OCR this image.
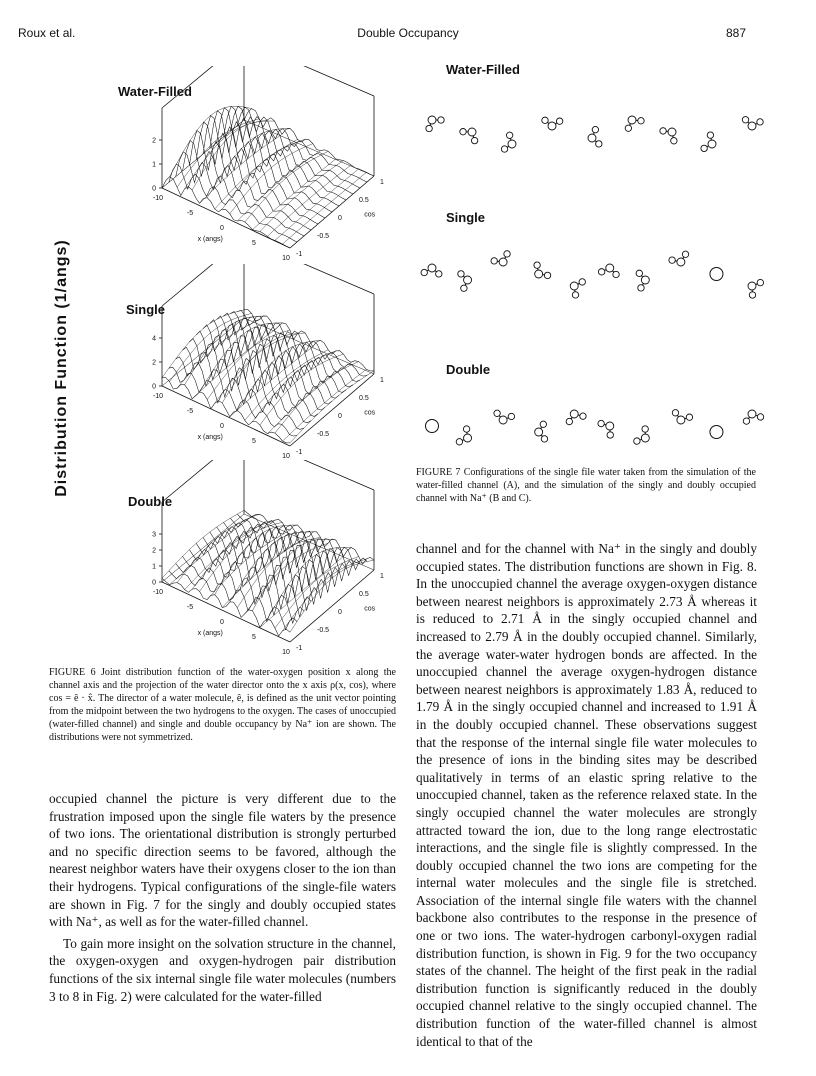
Roux et al.	Double Occupancy	887
Distribution Function (1/angs)
Water-Filled
0
1
2
-10
-5
0
5
10
x (angs)
-1
-0.5
0
0.5
1
cos
Single
0
2
4
-10
-5
0
5
10
x (angs)
-1
-0.5
0
0.5
1
cos
Double
0
1
2
3
-10
-5
0
5
10
x (angs)
-1
-0.5
0
0.5
1
cos
FIGURE 6 Joint distribution function of the water-oxygen position x along the channel axis and the projection of the water director onto the x axis ρ(x, cos), where cos = ê · x̂. The director of a water molecule, ê, is defined as the unit vector pointing from the midpoint between the two hydrogens to the oxygen. The cases of unoccupied (water-filled channel) and single and double occupancy by Na⁺ ion are shown. The distributions were not symmetrized.
Water-Filled
Single
Double
FIGURE 7 Configurations of the single file water taken from the simulation of the water-filled channel (A), and the simulation of the singly and doubly occupied channel with Na⁺ (B and C).
occupied channel the picture is very different due to the frustration imposed upon the single file waters by the presence of two ions. The orientational distribution is strongly perturbed and no specific direction seems to be favored, although the nearest neighbor waters have their oxygens closer to the ion than their hydrogens. Typical configurations of the single-file waters are shown in Fig. 7 for the singly and doubly occupied states with Na⁺, as well as for the water-filled channel.
To gain more insight on the solvation structure in the channel, the oxygen-oxygen and oxygen-hydrogen pair distribution functions of the six internal single file water molecules (numbers 3 to 8 in Fig. 2) were calculated for the water-filled
channel and for the channel with Na⁺ in the singly and doubly occupied states. The distribution functions are shown in Fig. 8. In the unoccupied channel the average oxygen-oxygen distance between nearest neighbors is approximately 2.73 Å whereas it is reduced to 2.71 Å in the singly occupied channel and increased to 2.79 Å in the doubly occupied channel. Similarly, the average water-water hydrogen bonds are affected. In the unoccupied channel the average oxygen-hydrogen distance between nearest neighbors is approximately 1.83 Å, reduced to 1.79 Å in the singly occupied channel and increased to 1.91 Å in the doubly occupied channel. These observations suggest that the response of the internal single file water molecules to the presence of ions in the binding sites may be described qualitatively in terms of an elastic spring relative to the unoccupied channel, taken as the reference relaxed state. In the singly occupied channel the water molecules are strongly attracted toward the ion, due to the long range electrostatic interactions, and the single file is slightly compressed. In the doubly occupied channel the two ions are competing for the internal water molecules and the single file is stretched. Association of the internal single file waters with the channel backbone also contributes to the response in the presence of one or two ions. The water-hydrogen carbonyl-oxygen radial distribution function, is shown in Fig. 9 for the two occupancy states of the channel. The height of the first peak in the radial distribution function is significantly reduced in the doubly occupied channel relative to the singly occupied channel. The distribution function of the water-filled channel is almost identical to that of the
